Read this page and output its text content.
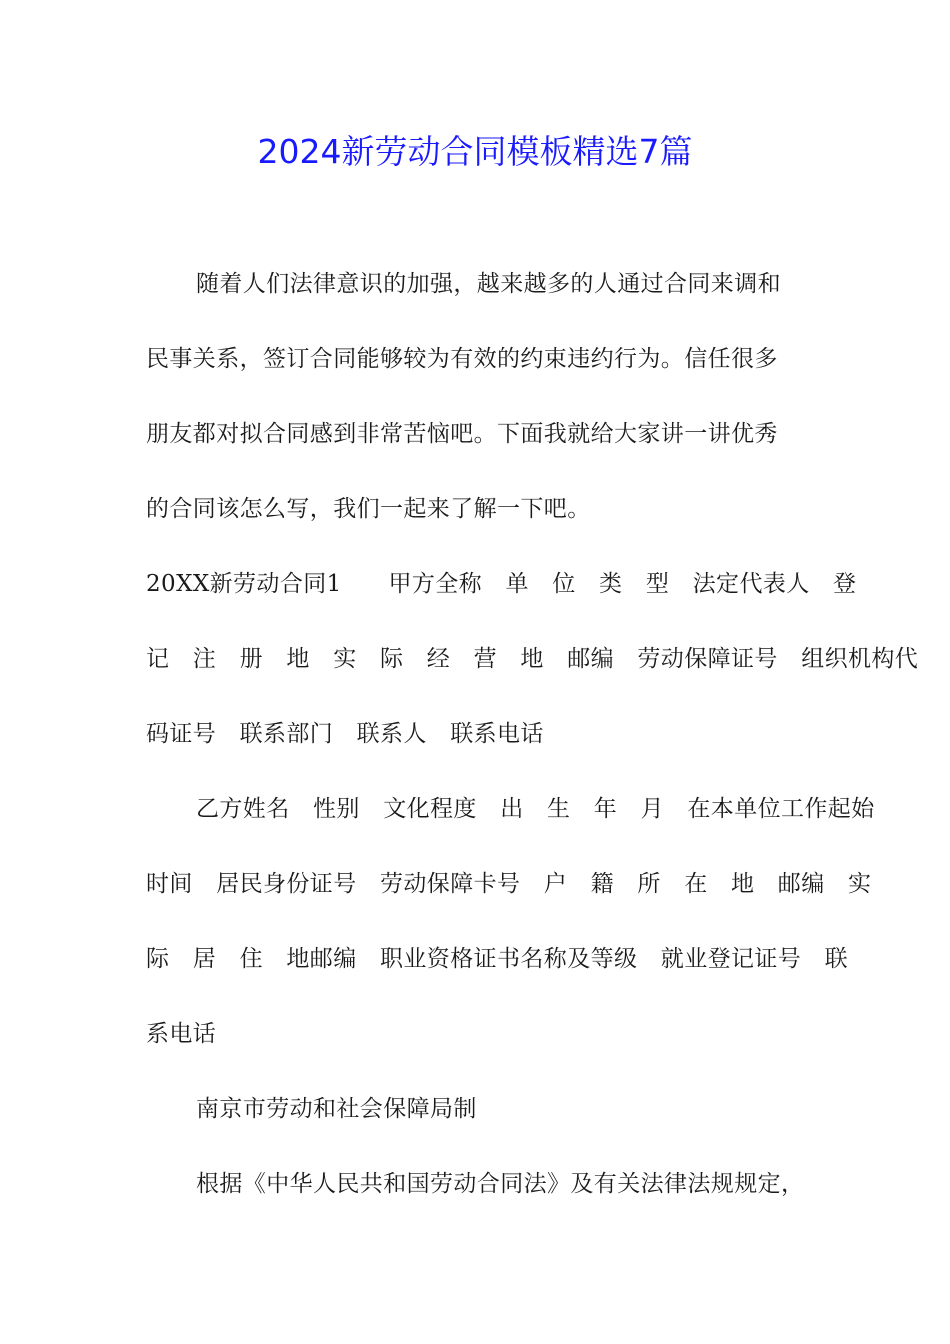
2024新劳动合同模板精选7篇

随着人们法律意识的加强，越来越多的人通过合同来调和

民事关系，签订合同能够较为有效的约束违约行为。信任很多

朋友都对拟合同感到非常苦恼吧。下面我就给大家讲一讲优秀

的合同该怎么写，我们一起来了解一下吧。

20XX新劳动合同1　　甲方全称　单　位　类　型　法定代表人　登

记　注　册　地　实　际　经　营　地　邮编　劳动保障证号　组织机构代

码证号　联系部门　联系人　联系电话

乙方姓名　性别　文化程度　出　生　年　月　在本单位工作起始

时间　居民身份证号　劳动保障卡号　户　籍　所　在　地　邮编　实

际　居　住　地邮编　职业资格证书名称及等级　就业登记证号　联

系电话

南京市劳动和社会保障局制

根据《中华人民共和国劳动合同法》及有关法律法规规定，
